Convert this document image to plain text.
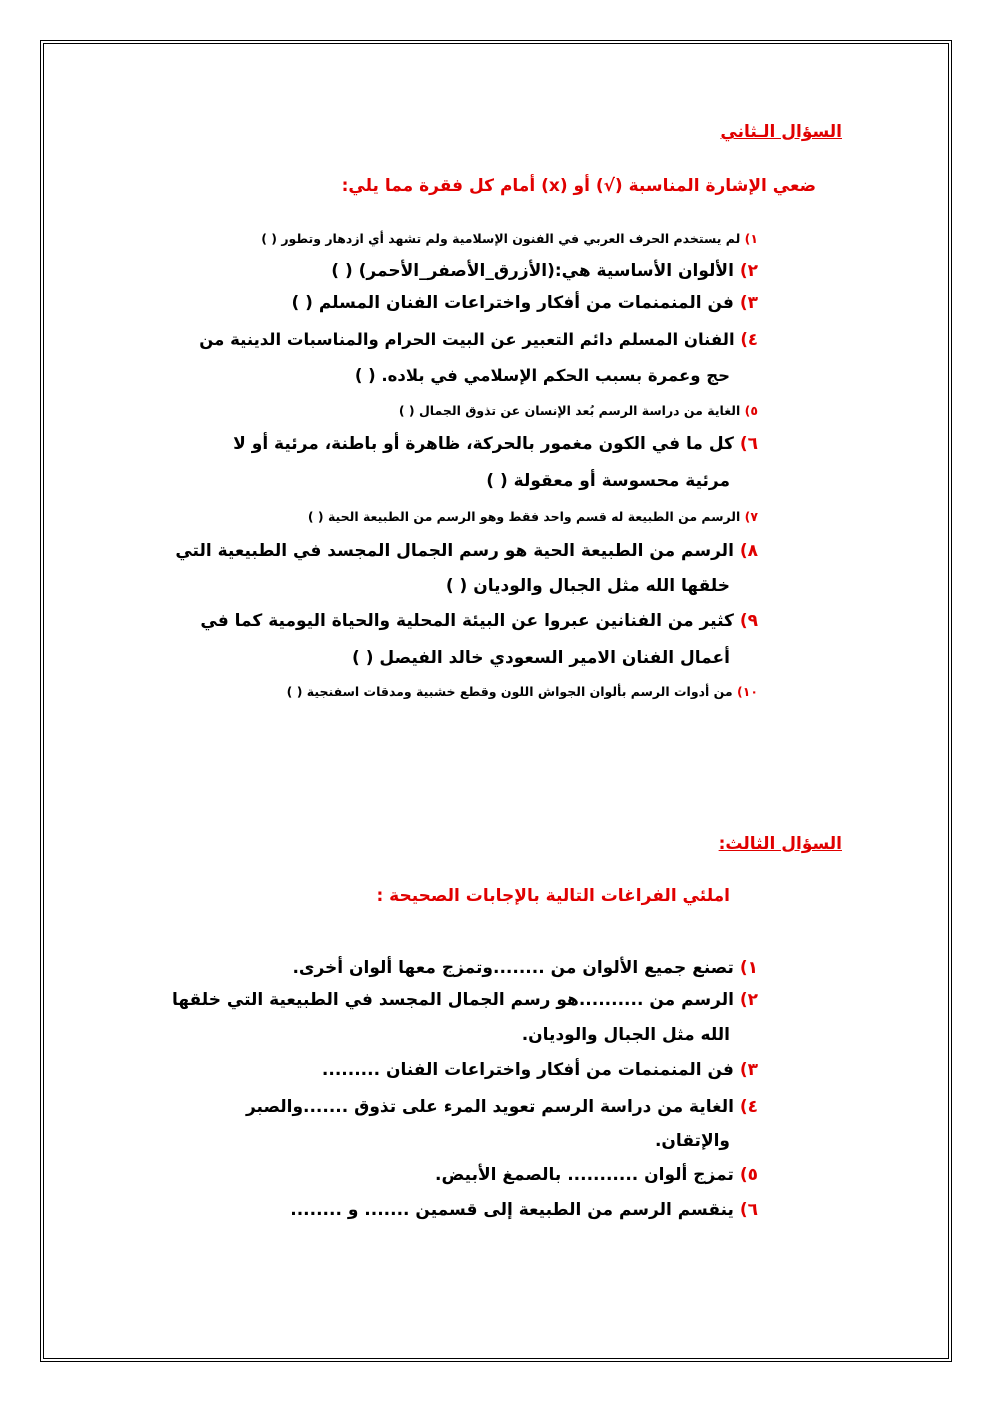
السؤال الـثاني
ضعي الإشارة المناسبة (√) أو (x) أمام كل فقرة مما يلي:
١) لم يستخدم الحرف العربي في الفنون الإسلامية ولم تشهد أي ازدهار وتطور ( )
٢) الألوان الأساسية هي:(الأزرق_الأصفر_الأحمر) ( )
٣) فن المنمنمات من أفكار واختراعات الفنان المسلم ( )
٤) الفنان المسلم دائم التعبير عن البيت الحرام والمناسبات الدينية من
حج وعمرة بسبب الحكم الإسلامي في بلاده. ( )
٥) الغاية من دراسة الرسم بُعد الإنسان عن تذوق الجمال ( )
٦) كل ما في الكون مغمور بالحركة، ظاهرة أو باطنة، مرئية أو لا
مرئية محسوسة أو معقولة ( )
٧) الرسم من الطبيعة له قسم واحد فقط وهو الرسم من الطبيعة الحية ( )
٨) الرسم من الطبيعة الحية هو رسم الجمال المجسد في الطبيعية التي
خلقها الله مثل الجبال والوديان ( )
٩) كثير من الفنانين عبروا عن البيئة المحلية والحياة اليومية كما في
أعمال الفنان الامير السعودي خالد الفيصل ( )
١٠) من أدوات الرسم بألوان الجواش اللون وقطع خشبية ومدقات اسفنجية ( )
السؤال الثالث:
املئي الفراغات التالية بالإجابات الصحيحة :
١) تصنع جميع الألوان من ........وتمزج معها ألوان أخرى.
٢) الرسم من ..........هو رسم الجمال المجسد في الطبيعية التي خلقها
الله مثل الجبال والوديان.
٣) فن المنمنمات من أفكار واختراعات الفنان .........
٤) الغاية من دراسة الرسم تعويد المرء على تذوق .......والصبر
والإتقان.
٥) تمزج ألوان ........... بالصمغ الأبيض.
٦) ينقسم الرسم من الطبيعة إلى قسمين ....... و ........
